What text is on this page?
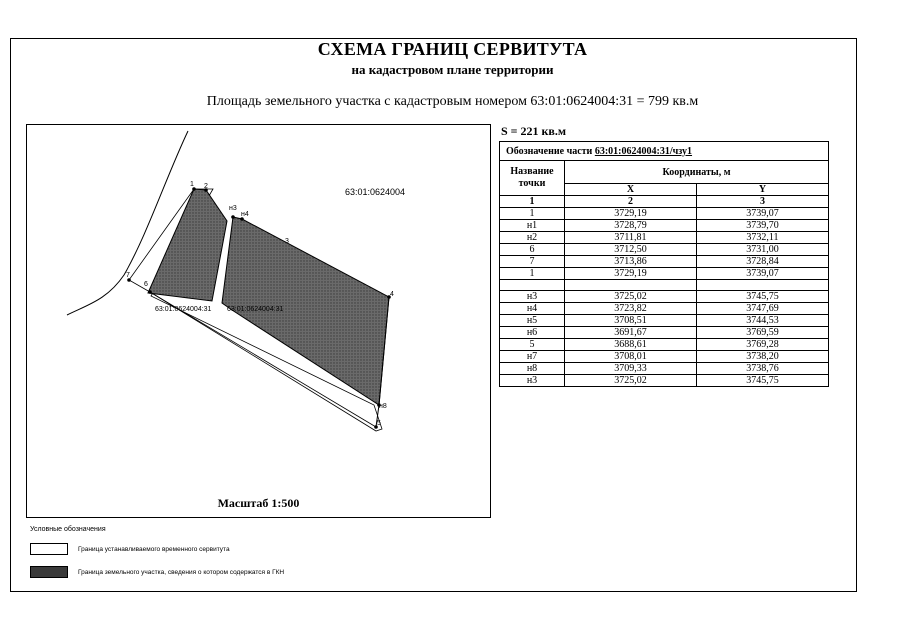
СХЕМА ГРАНИЦ СЕРВИТУТА
на кадастровом плане территории
Площадь земельного участка с кадастровым номером 63:01:0624004:31 = 799 кв.м
1 2
н3
н4
3
4
7
6
н8
5
63:01:0624004
63:01:0624004:31 63:01:0624004:31
Масштаб 1:500
S = 221 кв.м
Обозначение части 63:01:0624004:31/чзу1		
Название точки	Координаты, м	
	X	Y
1	2	3
1	3729,19	3739,07
н1	3728,79	3739,70
н2	3711,81	3732,11
6	3712,50	3731,00
7	3713,86	3728,84
1	3729,19	3739,07

н3	3725,02	3745,75
н4	3723,82	3747,69
н5	3708,51	3744,53
н6	3691,67	3769,59
5	3688,61	3769,28
н7	3708,01	3738,20
н8	3709,33	3738,76
н3	3725,02	3745,75
Условные обозначения
Граница устанавливаемого временного сервитута
Граница земельного участка, сведения о котором содержатся в ГКН
